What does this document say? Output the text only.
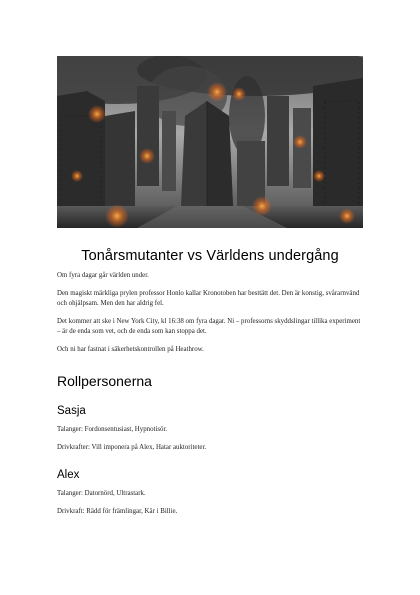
Tonårsmutanter vs Världens undergång

Om fyra dagar går världen under.

Den magiskt märkliga prylen professor Honlo kallar Kronotoben har besttätt det. Den är konstig, svårarnvänd och ohjälpsam. Men den har aldrig fel.

Det kommer att ske i New York City, kl 16:38 om fyra dagar. Ni – professorns skyddslingar tillika experiment – är de enda som vet, och de enda som kan stoppa det.

Och ni har fastnat i säkerhetskontrollen på Heathrow.

Rollpersonerna
Sasja

Talanger: Fordonsentusiast, Hypnotisör.

Drivkrafter: Vill imponera på Alex, Hatar auktoriteter.

Alex

Talanger: Datornörd, Ultrastark.

Drivkraft: Rädd för främlingar, Kär i Billie.
